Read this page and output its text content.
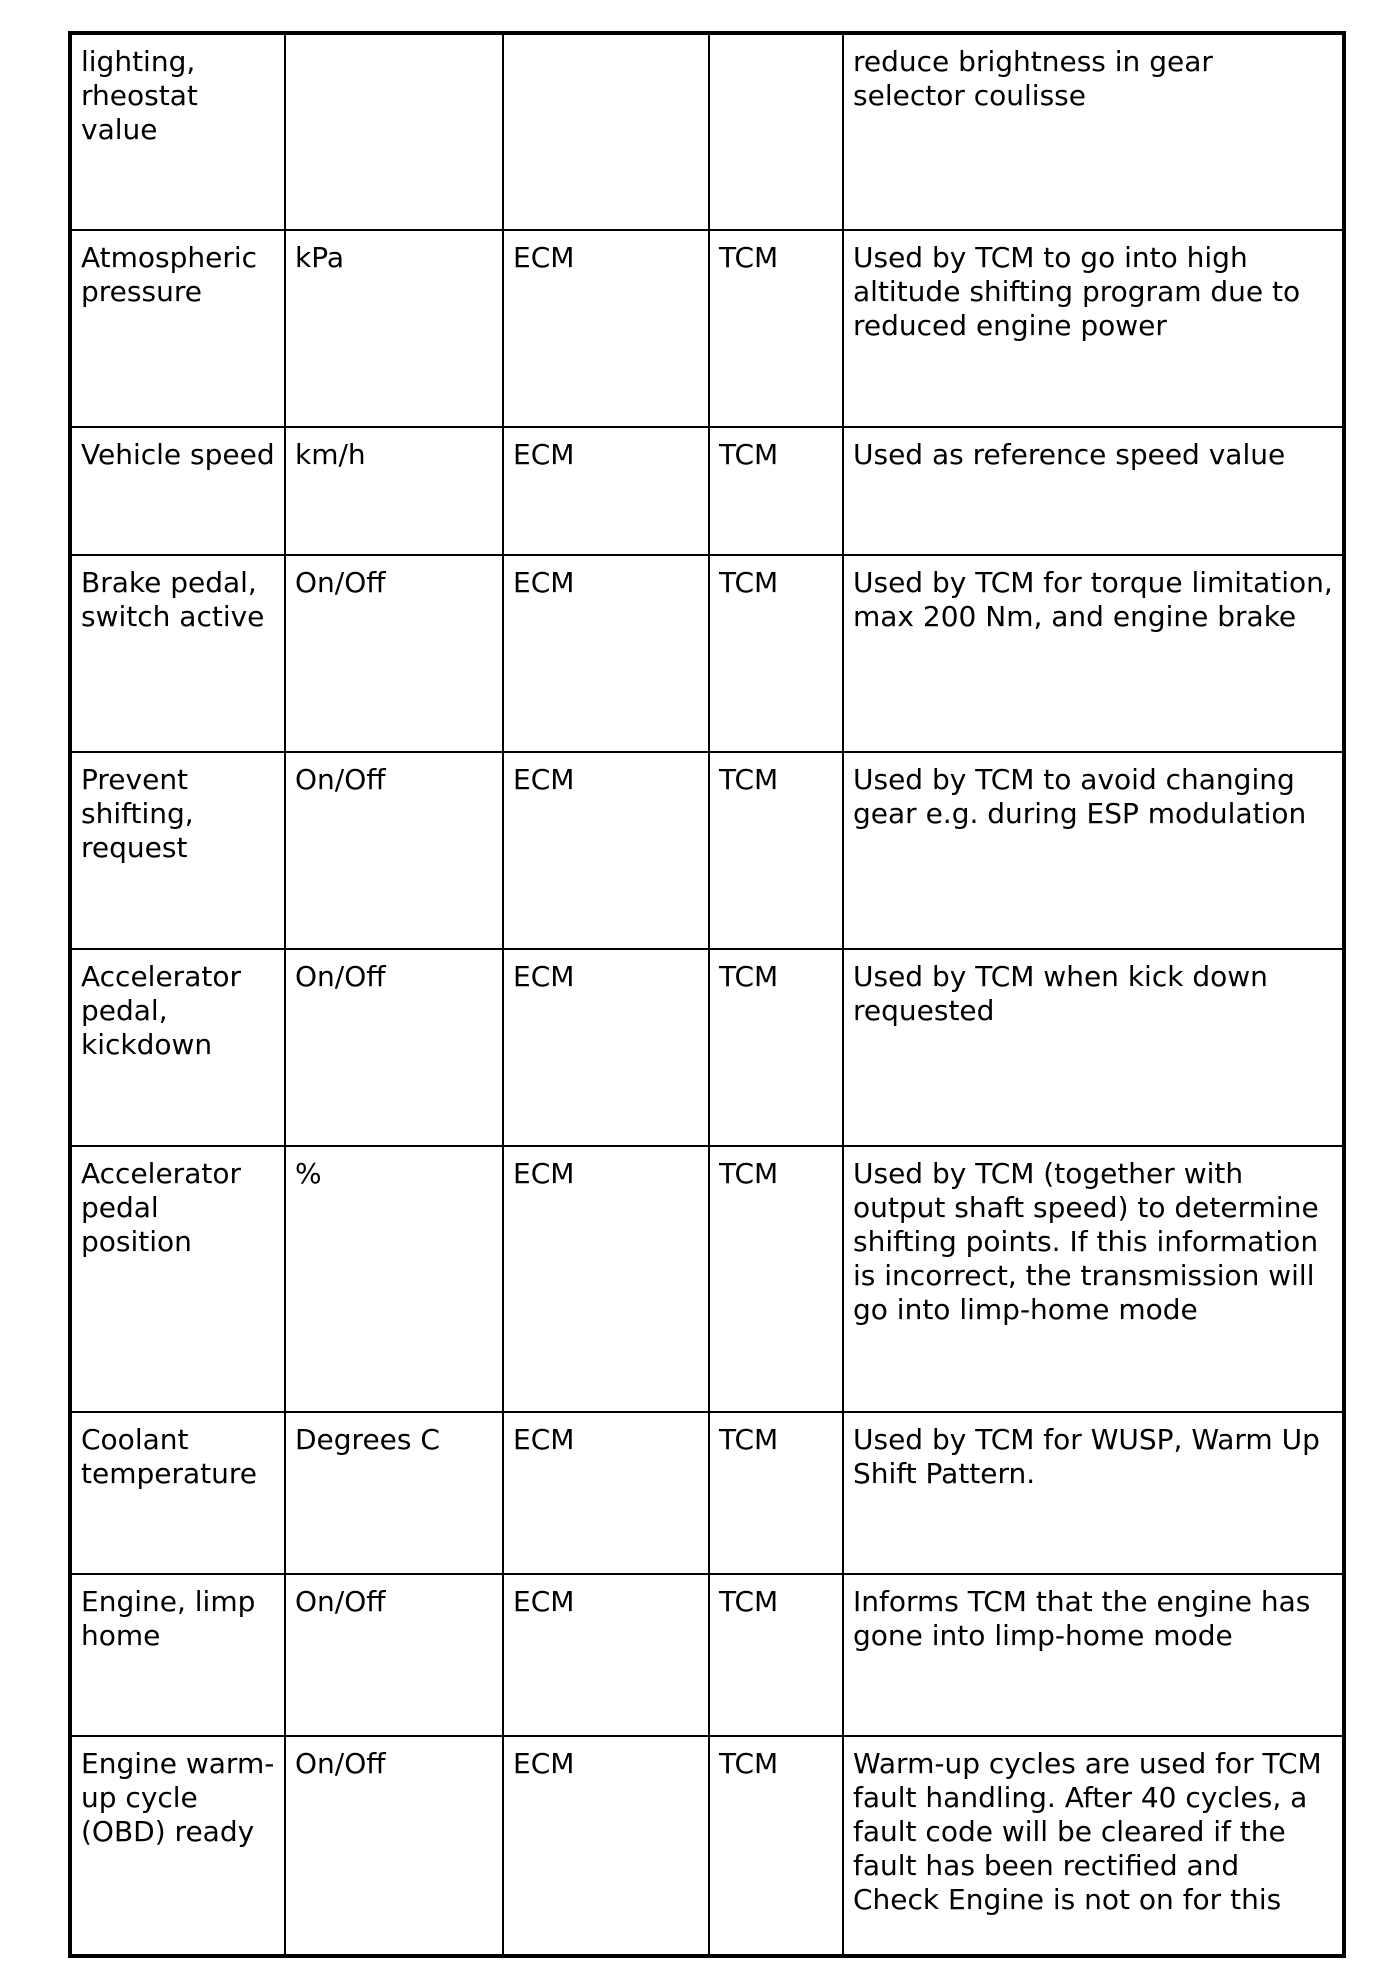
lighting, rheostat value				reduce brightness in gear selector coulisse
Atmospheric pressure	kPa	ECM	TCM	Used by TCM to go into high altitude shifting program due to reduced engine power
Vehicle speed	km/h	ECM	TCM	Used as reference speed value
Brake pedal, switch active	On/Off	ECM	TCM	Used by TCM for torque limitation, max 200 Nm, and engine brake
Prevent shifting, request	On/Off	ECM	TCM	Used by TCM to avoid changing gear e.g. during ESP modulation
Accelerator pedal, kickdown	On/Off	ECM	TCM	Used by TCM when kick down requested
Accelerator pedal position	%	ECM	TCM	Used by TCM (together with output shaft speed) to determine shifting points. If this information is incorrect, the transmission will go into limp-home mode
Coolant temperature	Degrees C	ECM	TCM	Used by TCM for WUSP, Warm Up Shift Pattern.
Engine, limp home	On/Off	ECM	TCM	Informs TCM that the engine has gone into limp-home mode
Engine warm-up cycle (OBD) ready	On/Off	ECM	TCM	Warm-up cycles are used for TCM fault handling. After 40 cycles, a fault code will be cleared if the fault has been rectified and Check Engine is not on for this
